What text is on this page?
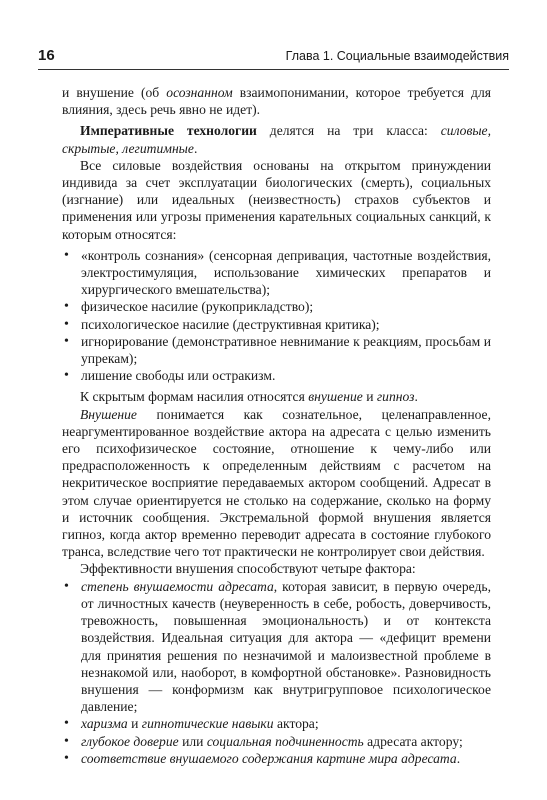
16	Глава 1. Социальные взаимодействия

и внушение (об осознанном взаимопонимании, которое требуется для влияния, здесь речь явно не идет).

Императивные технологии делятся на три класса: силовые, скрытые, легитимные.

Все силовые воздействия основаны на открытом принуждении индивида за счет эксплуатации биологических (смерть), социальных (изгнание) или идеальных (неизвестность) страхов субъектов и применения или угрозы применения карательных социальных санкций, к которым относятся:

• «контроль сознания» (сенсорная депривация, частотные воздействия, электростимуляция, использование химических препаратов и хирургического вмешательства);
• физическое насилие (рукоприкладство);
• психологическое насилие (деструктивная критика);
• игнорирование (демонстративное невнимание к реакциям, просьбам и упрекам);
• лишение свободы или остракизм.

К скрытым формам насилия относятся внушение и гипноз.

Внушение понимается как сознательное, целенаправленное, неаргументированное воздействие актора на адресата с целью изменить его психофизическое состояние, отношение к чему-либо или предрасположенность к определенным действиям с расчетом на некритическое восприятие передаваемых актором сообщений. Адресат в этом случае ориентируется не столько на содержание, сколько на форму и источник сообщения. Экстремальной формой внушения является гипноз, когда актор временно переводит адресата в состояние глубокого транса, вследствие чего тот практически не контролирует свои действия.

Эффективности внушения способствуют четыре фактора:

• степень внушаемости адресата, которая зависит, в первую очередь, от личностных качеств (неуверенность в себе, робость, доверчивость, тревожность, повышенная эмоциональность) и от контекста воздействия. Идеальная ситуация для актора — «дефицит времени для принятия решения по незначимой и малоизвестной проблеме в незнакомой или, наоборот, в комфортной обстановке». Разновидность внушения — конформизм как внутригрупповое психологическое давление;
• харизма и гипнотические навыки актора;
• глубокое доверие или социальная подчиненность адресата актору;
• соответствие внушаемого содержания картине мира адресата.
